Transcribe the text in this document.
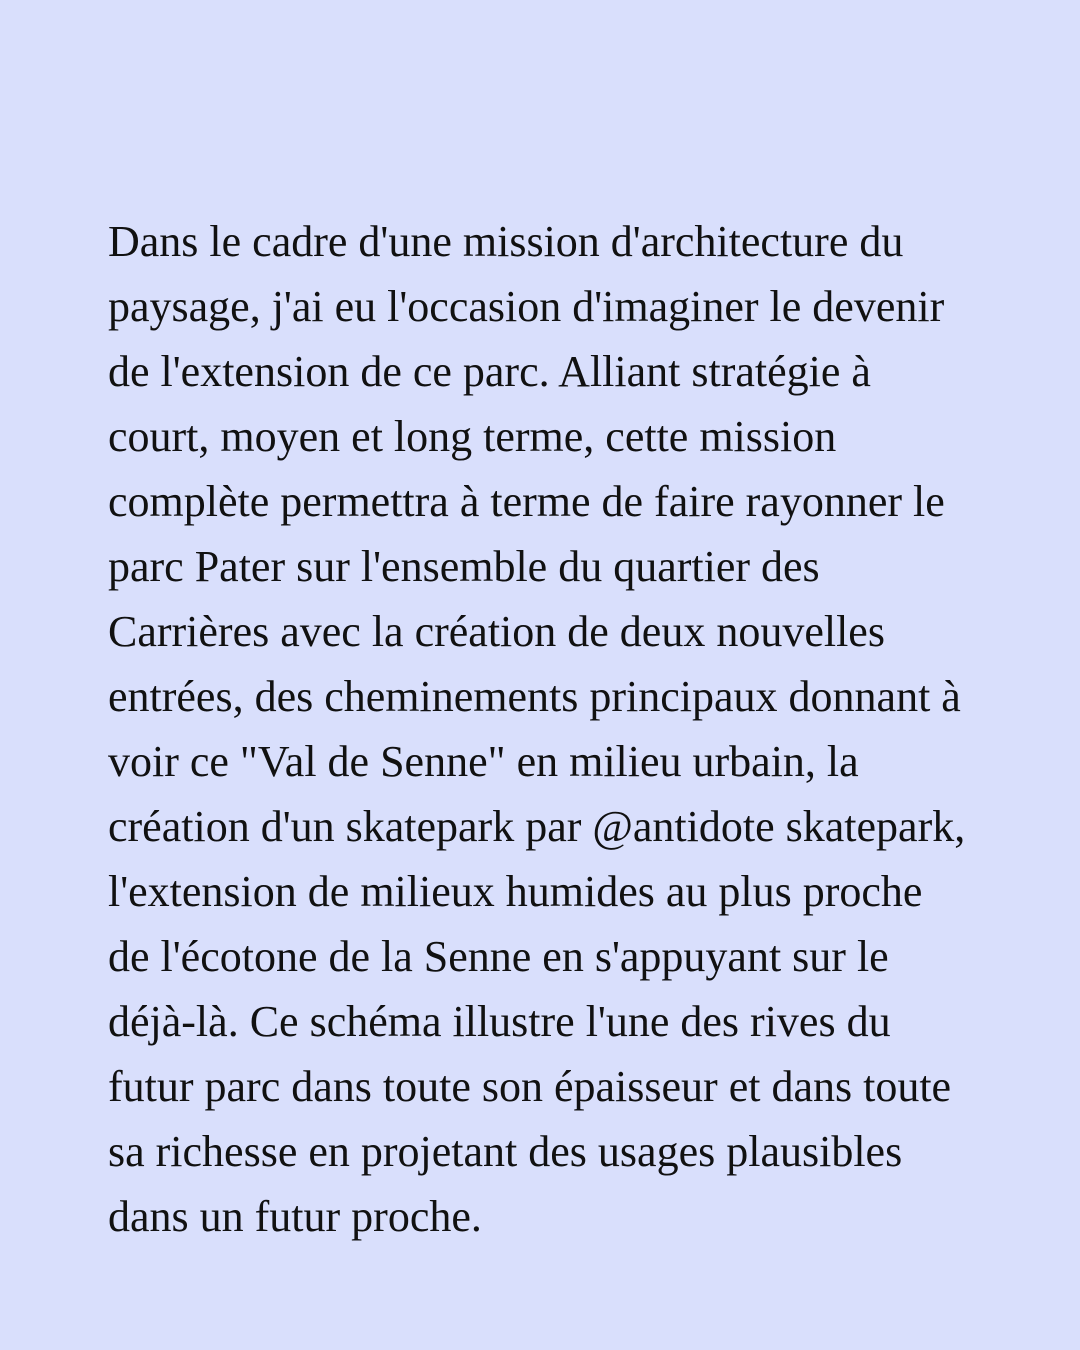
Dans le cadre d'une mission d'architecture du
paysage, j'ai eu l'occasion d'imaginer le devenir
de l'extension de ce parc. Alliant stratégie à
court, moyen et long terme, cette mission
complète permettra à terme de faire rayonner le
parc Pater sur l'ensemble du quartier des
Carrières avec la création de deux nouvelles
entrées, des cheminements principaux donnant à
voir ce "Val de Senne" en milieu urbain, la
création d'un skatepark par @antidote skatepark,
l'extension de milieux humides au plus proche
de l'écotone de la Senne en s'appuyant sur le
déjà-là. Ce schéma illustre l'une des rives du
futur parc dans toute son épaisseur et dans toute
sa richesse en projetant des usages plausibles
dans un futur proche.
